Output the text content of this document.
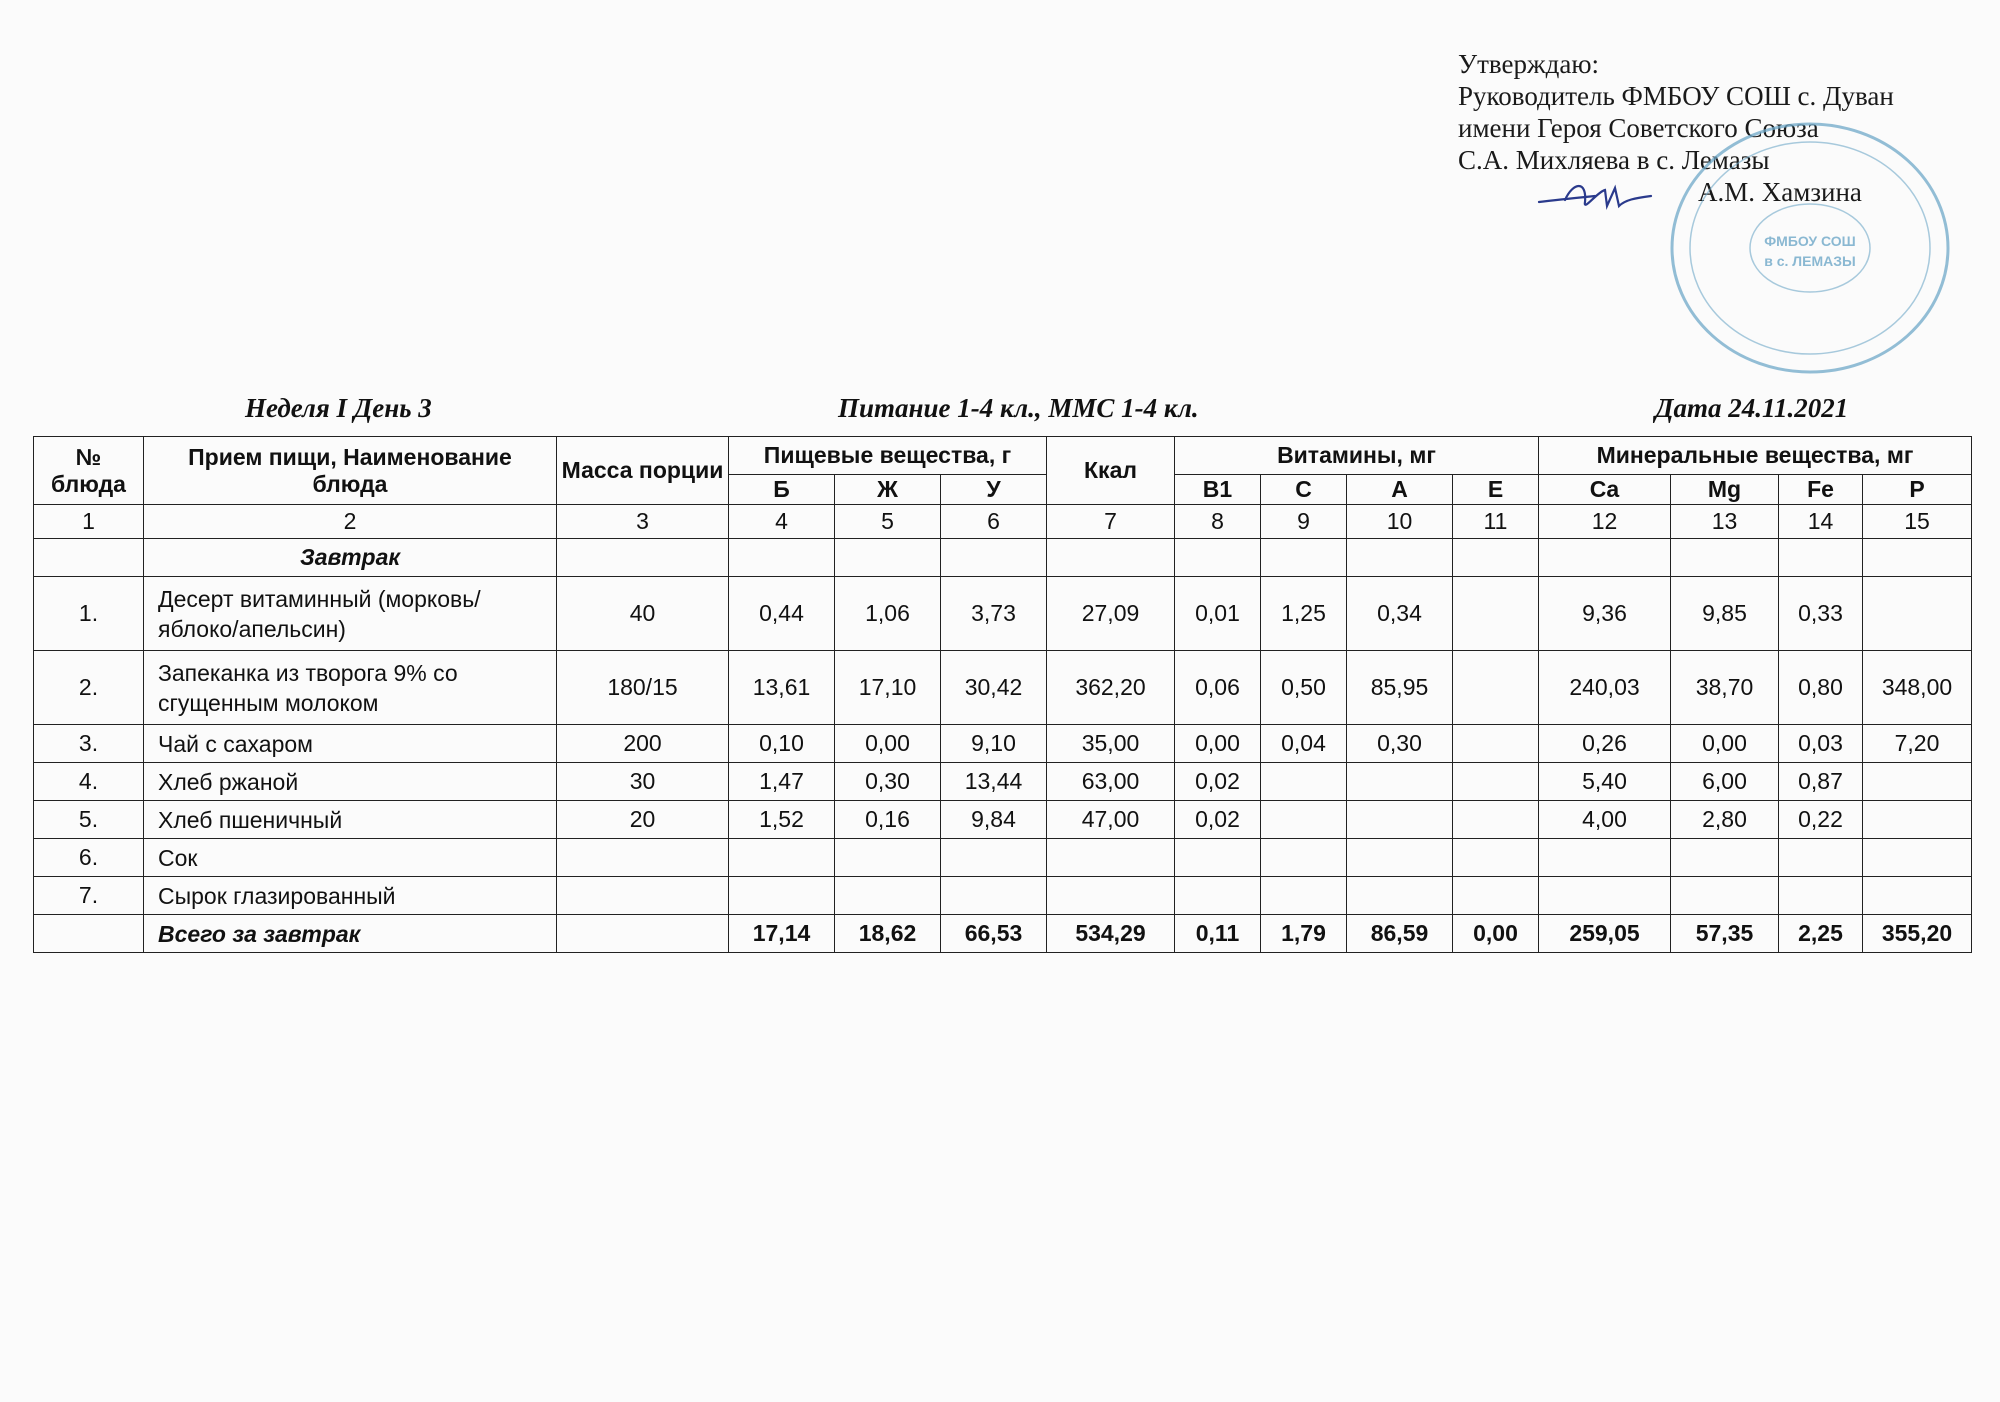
Утверждаю:
Руководитель ФМБОУ СОШ с. Дуван
имени Героя Советского Союза
С.А. Михляева в с. Лемазы
А.М. Хамзина
ФМБОУ СОШ
в с. ЛЕМАЗЫ
Неделя I День 3	Питание 1-4 кл., ММС 1-4 кл.	Дата 24.11.2021
№ блюда	Прием пищи, Наименование блюда	Масса порции	Пищевые вещества, г			Ккал	Витамины, мг				Минеральные вещества, мг			
			Б	Ж	У		В1	С	А	Е	Ca	Mg	Fe	P
1	2	3	4	5	6	7	8	9	10	11	12	13	14	15
	Завтрак													
1.	Десерт витаминный (морковь/яблоко/апельсин)	40	0,44	1,06	3,73	27,09	0,01	1,25	0,34		9,36	9,85	0,33	
2.	Запеканка из творога 9% со сгущенным молоком	180/15	13,61	17,10	30,42	362,20	0,06	0,50	85,95		240,03	38,70	0,80	348,00
3.	Чай с сахаром	200	0,10	0,00	9,10	35,00	0,00	0,04	0,30		0,26	0,00	0,03	7,20
4.	Хлеб ржаной	30	1,47	0,30	13,44	63,00	0,02				5,40	6,00	0,87	
5.	Хлеб пшеничный	20	1,52	0,16	9,84	47,00	0,02				4,00	2,80	0,22	
6.	Сок													
7.	Сырок глазированный													
	Всего за завтрак		17,14	18,62	66,53	534,29	0,11	1,79	86,59	0,00	259,05	57,35	2,25	355,20
